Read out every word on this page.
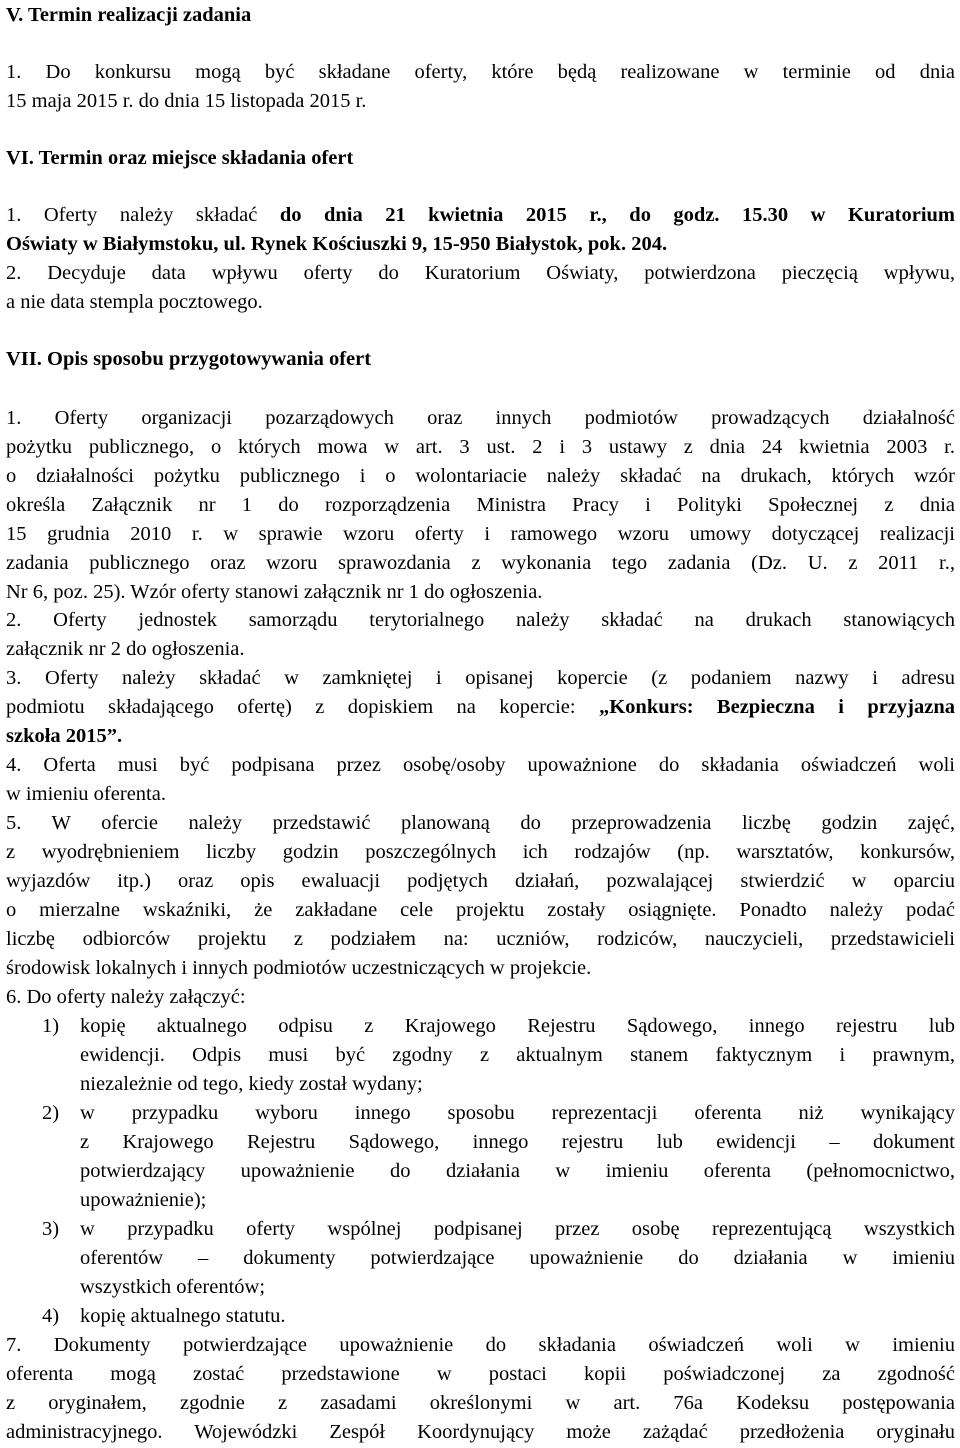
V. Termin realizacji zadania
1. Do konkursu mogą być składane oferty, które będą realizowane w terminie od dnia
15 maja 2015 r. do dnia 15 listopada 2015 r.
VI. Termin oraz miejsce składania ofert
1. Oferty należy składać do dnia 21 kwietnia 2015 r., do godz. 15.30 w Kuratorium
Oświaty w Białymstoku, ul. Rynek Kościuszki 9, 15-950 Białystok, pok. 204.
2. Decyduje data wpływu oferty do Kuratorium Oświaty, potwierdzona pieczęcią wpływu,
a nie data stempla pocztowego.
VII. Opis sposobu przygotowywania ofert
1. Oferty organizacji pozarządowych oraz innych podmiotów prowadzących działalność
pożytku publicznego, o których mowa w art. 3 ust. 2 i 3 ustawy z dnia 24 kwietnia 2003 r.
o działalności pożytku publicznego i o wolontariacie należy składać na drukach, których wzór
określa Załącznik nr 1 do rozporządzenia Ministra Pracy i Polityki Społecznej z dnia
15 grudnia 2010 r. w sprawie wzoru oferty i ramowego wzoru umowy dotyczącej realizacji
zadania publicznego oraz wzoru sprawozdania z wykonania tego zadania (Dz. U. z 2011 r.,
Nr 6, poz. 25). Wzór oferty stanowi załącznik nr 1 do ogłoszenia.
2. Oferty jednostek samorządu terytorialnego należy składać na drukach stanowiących
załącznik nr 2 do ogłoszenia.
3. Oferty należy składać w zamkniętej i opisanej kopercie (z podaniem nazwy i adresu
podmiotu składającego ofertę) z dopiskiem na kopercie: „Konkurs: Bezpieczna i przyjazna
szkoła 2015”.
4. Oferta musi być podpisana przez osobę/osoby upoważnione do składania oświadczeń woli
w imieniu oferenta.
5. W ofercie należy przedstawić planowaną do przeprowadzenia liczbę godzin zajęć,
z wyodrębnieniem liczby godzin poszczególnych ich rodzajów (np. warsztatów, konkursów,
wyjazdów itp.) oraz opis ewaluacji podjętych działań, pozwalającej stwierdzić w oparciu
o mierzalne wskaźniki, że zakładane cele projektu zostały osiągnięte. Ponadto należy podać
liczbę odbiorców projektu z podziałem na: uczniów, rodziców, nauczycieli, przedstawicieli
środowisk lokalnych i innych podmiotów uczestniczących w projekcie.
6. Do oferty należy załączyć:
1)	kopię aktualnego odpisu z Krajowego Rejestru Sądowego, innego rejestru lub
ewidencji. Odpis musi być zgodny z aktualnym stanem faktycznym i prawnym,
niezależnie od tego, kiedy został wydany;
2)	w przypadku wyboru innego sposobu reprezentacji oferenta niż wynikający
z Krajowego Rejestru Sądowego, innego rejestru lub ewidencji – dokument
potwierdzający upoważnienie do działania w imieniu oferenta (pełnomocnictwo,
upoważnienie);
3)	w przypadku oferty wspólnej podpisanej przez osobę reprezentującą wszystkich
oferentów – dokumenty potwierdzające upoważnienie do działania w imieniu
wszystkich oferentów;
4)	kopię aktualnego statutu.
7. Dokumenty potwierdzające upoważnienie do składania oświadczeń woli w imieniu
oferenta mogą zostać przedstawione w postaci kopii poświadczonej za zgodność
z oryginałem, zgodnie z zasadami określonymi w art. 76a Kodeksu postępowania
administracyjnego. Wojewódzki Zespół Koordynujący może zażądać przedłożenia oryginału
